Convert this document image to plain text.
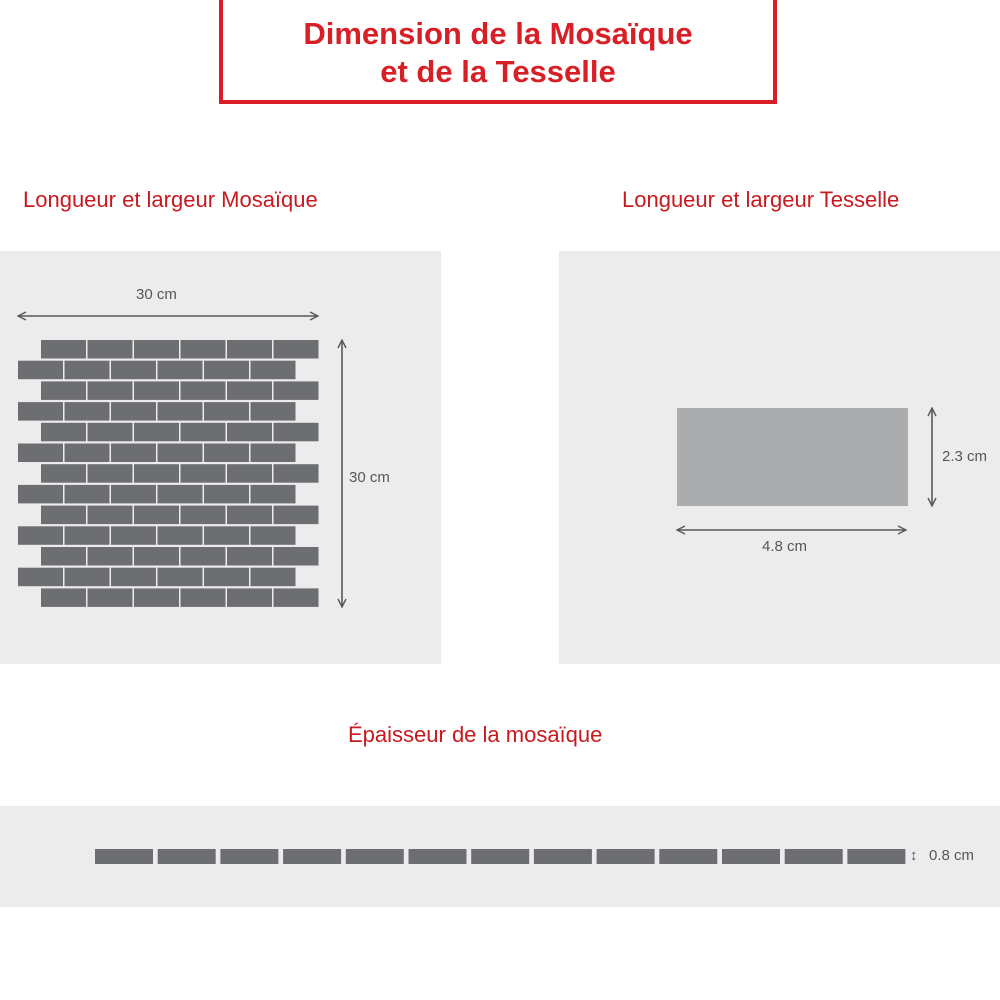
Dimension de la Mosaïque
et de la Tesselle
Longueur et largeur Mosaïque	Longueur et largeur Tesselle
Épaisseur de la mosaïque
30 cm
30 cm
2.3 cm
4.8 cm
↕ 0.8 cm
